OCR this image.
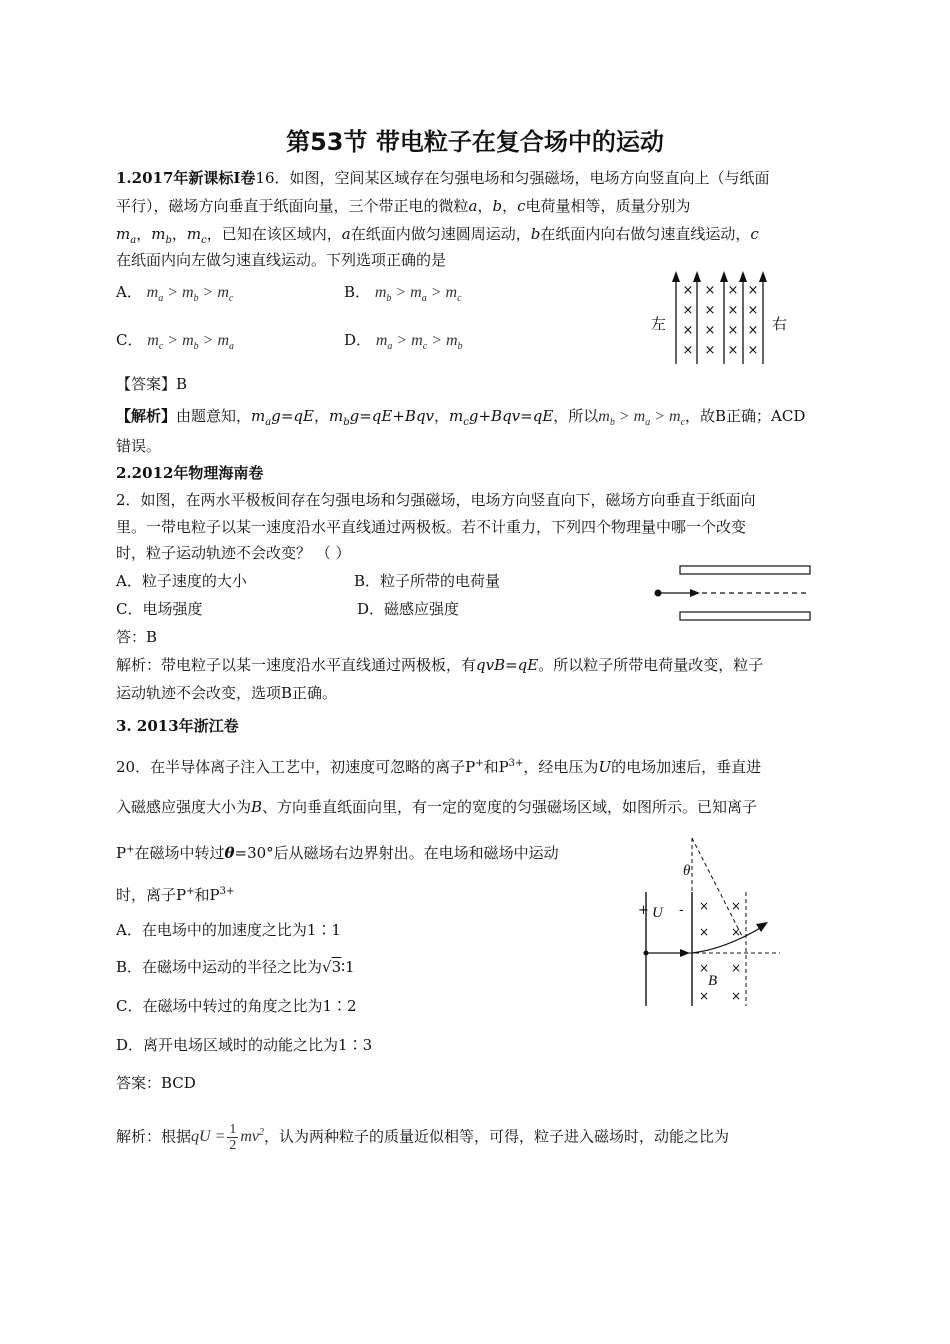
第53节 带电粒子在复合场中的运动
1.2017年新课标I卷16．如图，空间某区域存在匀强电场和匀强磁场，电场方向竖直向上（与纸面
平行），磁场方向垂直于纸面向量，三个带正电的微粒a，b，c电荷量相等，质量分别为
$m_a$，$m_b$，$m_c$，已知在该区域内，a在纸面内做匀速圆周运动，b在纸面内向右做匀速直线运动，c
在纸面内向左做匀速直线运动。下列选项正确的是
A． $m_a > m_b > m_c$	B． $m_b > m_a > m_c$
C． $m_c > m_b > m_a$	D． $m_a > m_c > m_b$
× × × ×
× × × ×
× × × ×
× × × ×
左	右
【答案】B
【解析】由题意知，$m_ag=qE$，$m_bg=qE+Bqv$，$m_cg+Bqv=qE$，所以$m_b > m_a > m_c$，故B正确；ACD
错误。
2.2012年物理海南卷
2．如图，在两水平极板间存在匀强电场和匀强磁场，电场方向竖直向下，磁场方向垂直于纸面向
里。一带电粒子以某一速度沿水平直线通过两极板。若不计重力，下列四个物理量中哪一个改变
时，粒子运动轨迹不会改变？ （ ）
A．粒子速度的大小	B．粒子所带的电荷量
C．电场强度	D．磁感应强度
答：B
解析：带电粒子以某一速度沿水平直线通过两极板，有qvB=qE。所以粒子所带电荷量改变，粒子
运动轨迹不会改变，选项B正确。
3. 2013年浙江卷
20．在半导体离子注入工艺中，初速度可忽略的离子P+和$P^{3+}$，经电压为U的电场加速后，垂直进
入磁感应强度大小为B、方向垂直纸面向里，有一定的宽度的匀强磁场区域，如图所示。已知离子
P+在磁场中转过θ=30°后从磁场右边界射出。在电场和磁场中运动
时，离子P+和$P^{3+}$
A．在电场中的加速度之比为1∶1
B．在磁场中运动的半径之比为√3∶1
C．在磁场中转过的角度之比为1∶2
D．离开电场区域时的动能之比为1∶3
× ×
× ×
× ×
× ×
+ -
U
θ
B
答案：BCD
解析：根据qU = $\frac{1}{2} mv^2$，认为两种粒子的质量近似相等，可得，粒子进入磁场时，动能之比为
